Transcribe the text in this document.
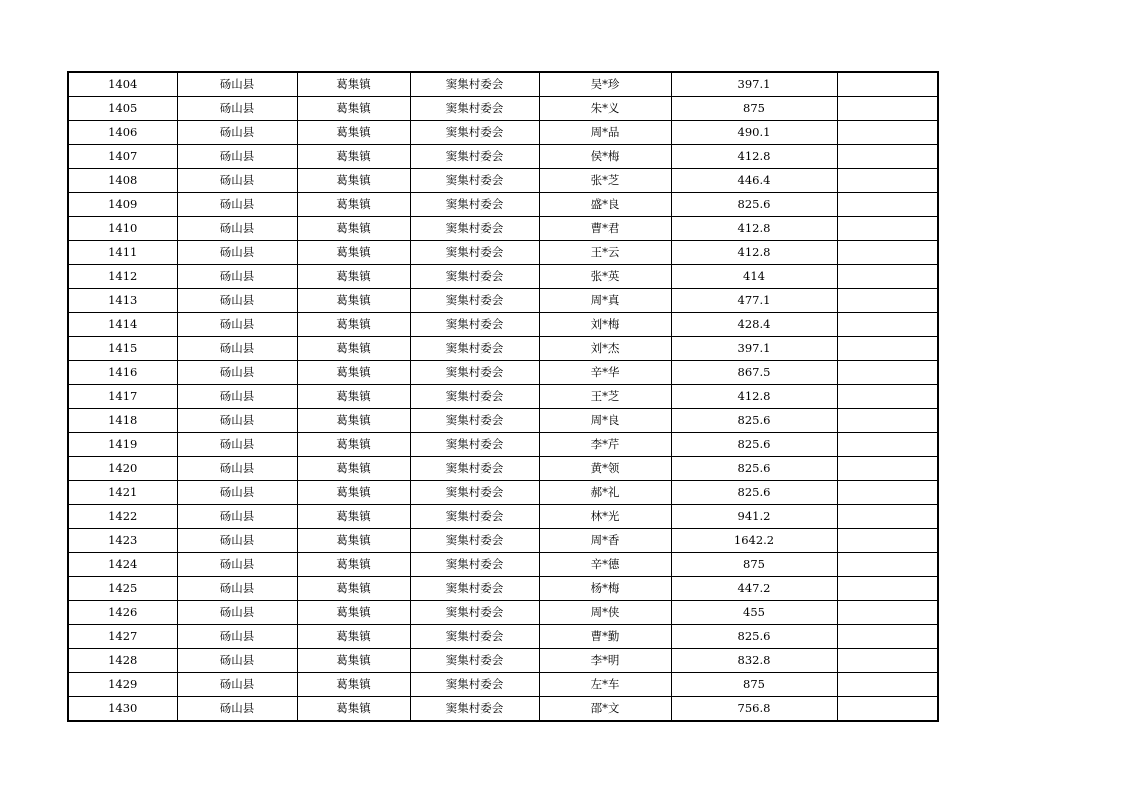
1404	砀山县	葛集镇	窦集村委会	吴*珍	397.1	
1405	砀山县	葛集镇	窦集村委会	朱*义	875	
1406	砀山县	葛集镇	窦集村委会	周*品	490.1	
1407	砀山县	葛集镇	窦集村委会	侯*梅	412.8	
1408	砀山县	葛集镇	窦集村委会	张*芝	446.4	
1409	砀山县	葛集镇	窦集村委会	盛*良	825.6	
1410	砀山县	葛集镇	窦集村委会	曹*君	412.8	
1411	砀山县	葛集镇	窦集村委会	王*云	412.8	
1412	砀山县	葛集镇	窦集村委会	张*英	414	
1413	砀山县	葛集镇	窦集村委会	周*真	477.1	
1414	砀山县	葛集镇	窦集村委会	刘*梅	428.4	
1415	砀山县	葛集镇	窦集村委会	刘*杰	397.1	
1416	砀山县	葛集镇	窦集村委会	辛*华	867.5	
1417	砀山县	葛集镇	窦集村委会	王*芝	412.8	
1418	砀山县	葛集镇	窦集村委会	周*良	825.6	
1419	砀山县	葛集镇	窦集村委会	李*芹	825.6	
1420	砀山县	葛集镇	窦集村委会	黄*领	825.6	
1421	砀山县	葛集镇	窦集村委会	郝*礼	825.6	
1422	砀山县	葛集镇	窦集村委会	林*光	941.2	
1423	砀山县	葛集镇	窦集村委会	周*香	1642.2	
1424	砀山县	葛集镇	窦集村委会	辛*德	875	
1425	砀山县	葛集镇	窦集村委会	杨*梅	447.2	
1426	砀山县	葛集镇	窦集村委会	周*侠	455	
1427	砀山县	葛集镇	窦集村委会	曹*勤	825.6	
1428	砀山县	葛集镇	窦集村委会	李*明	832.8	
1429	砀山县	葛集镇	窦集村委会	左*车	875	
1430	砀山县	葛集镇	窦集村委会	邵*文	756.8	
